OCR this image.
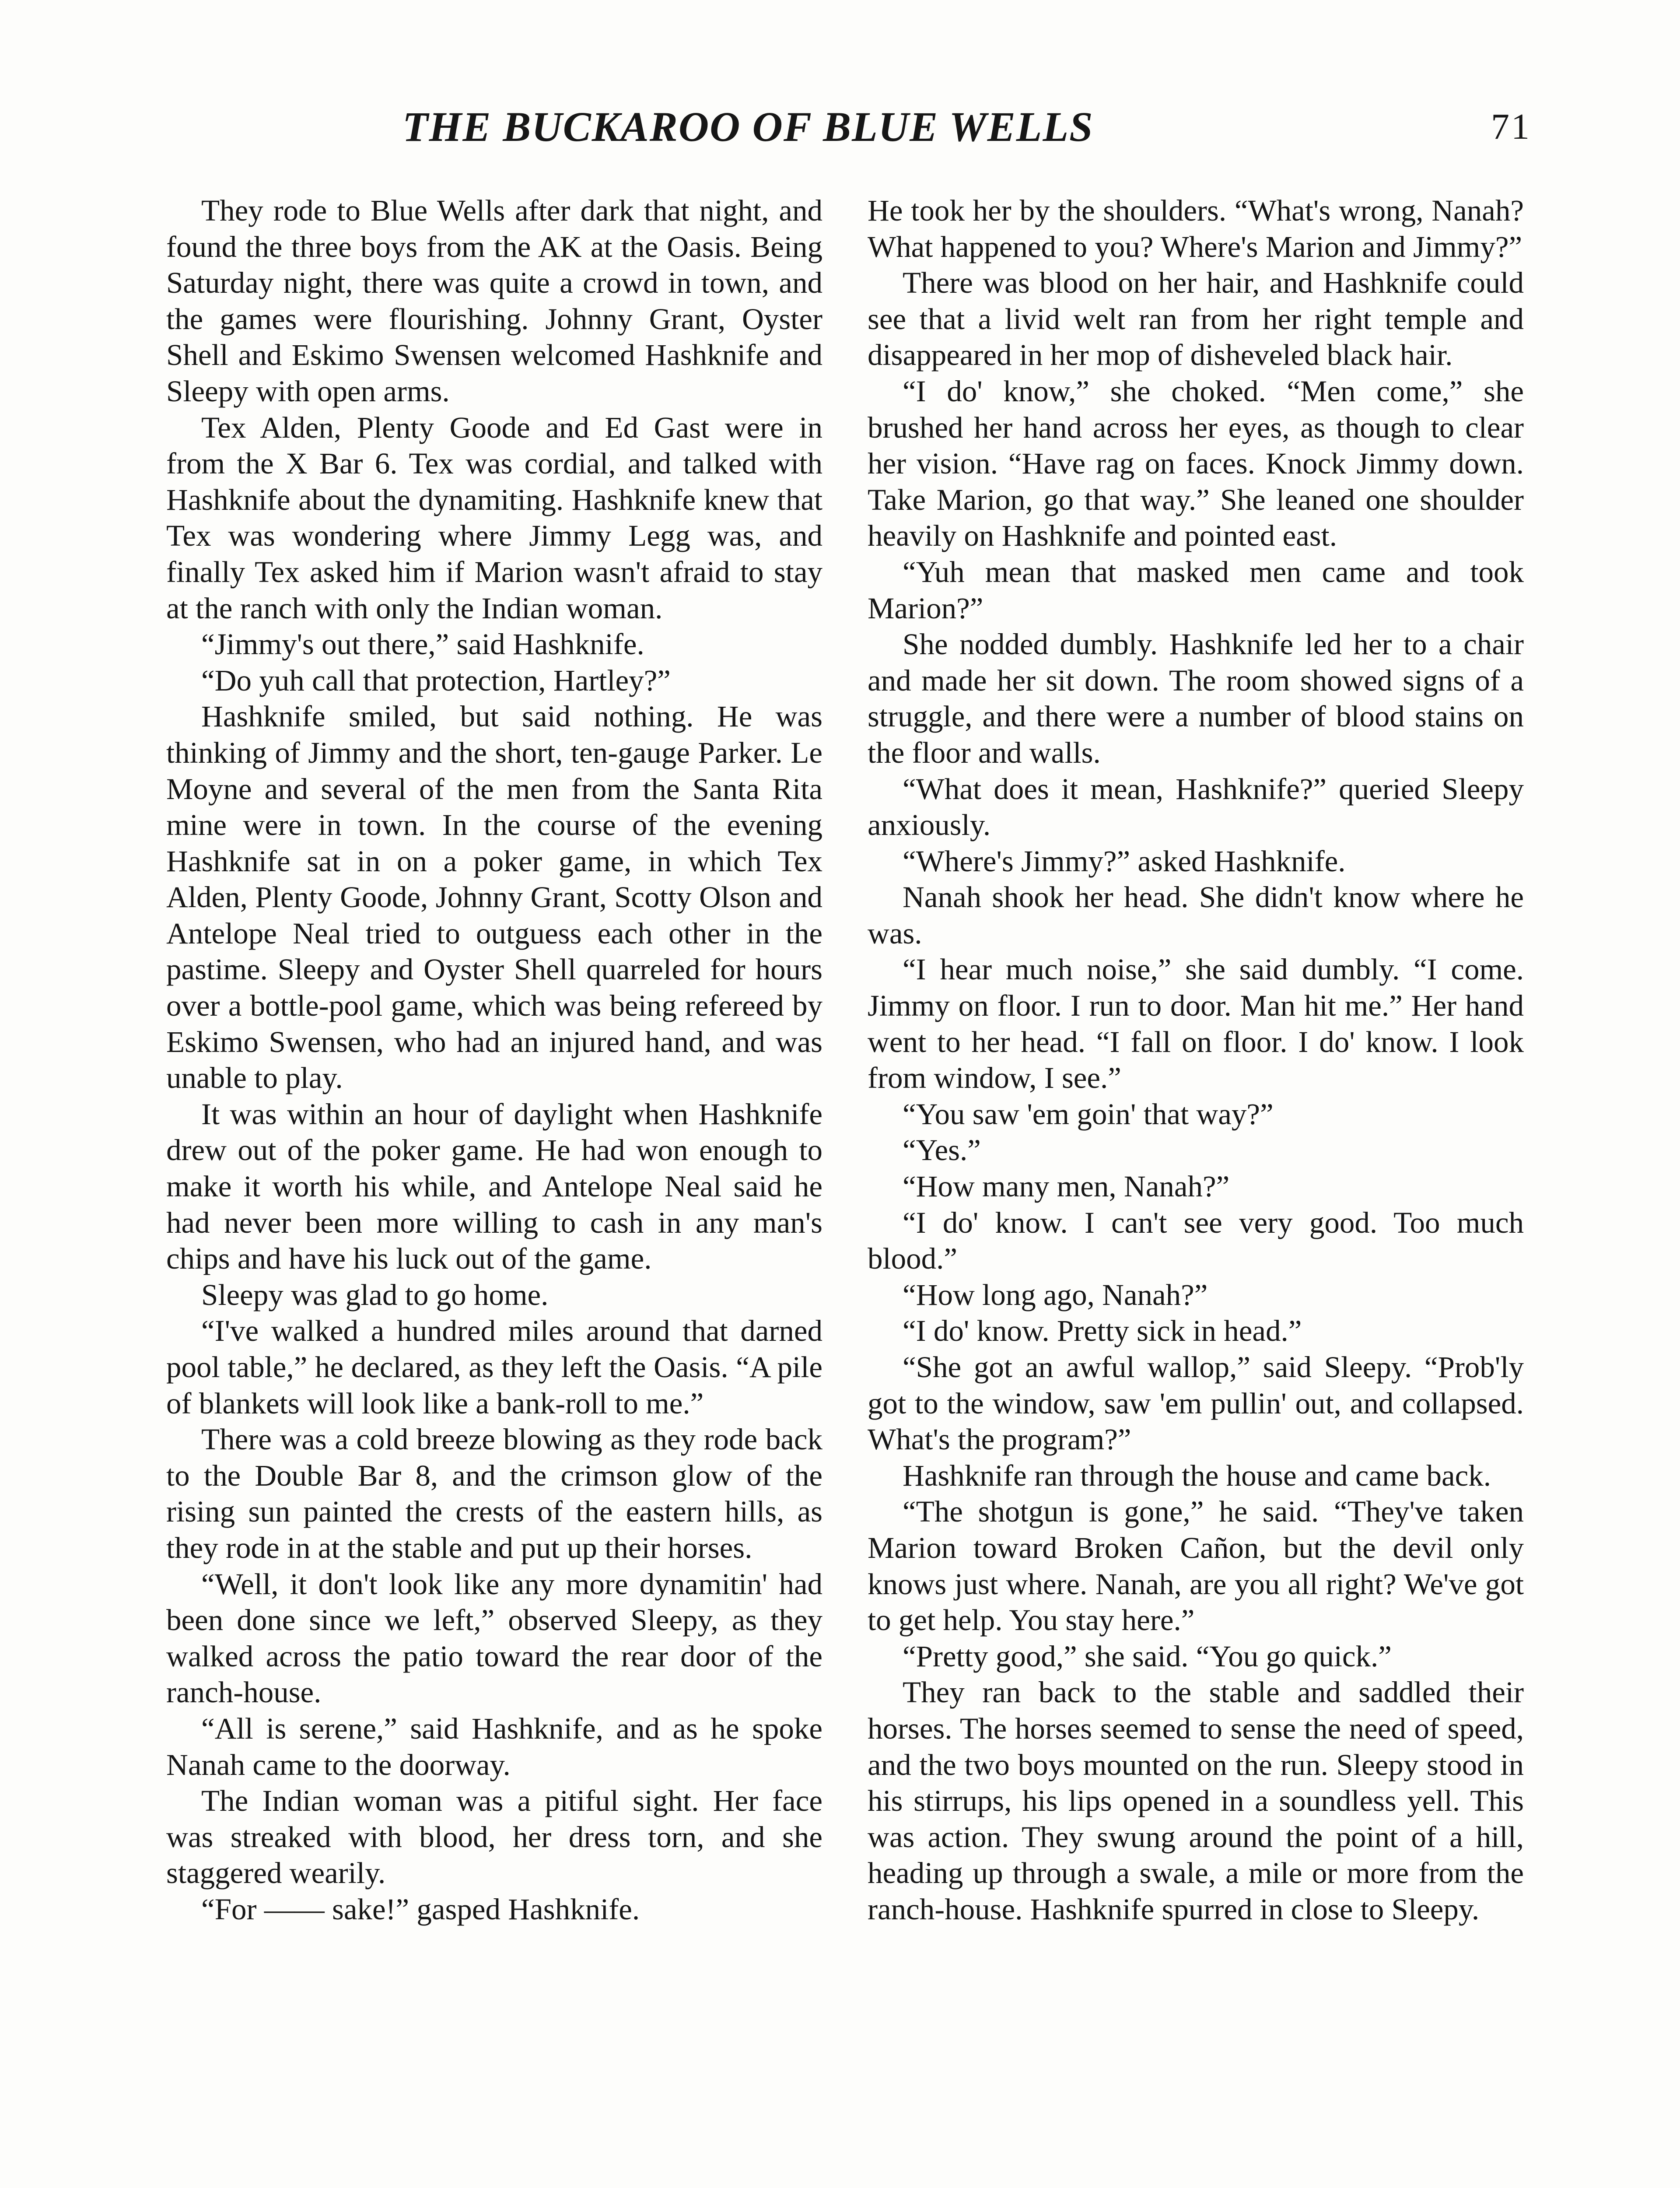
THE BUCKAROO OF BLUE WELLS	71

They rode to Blue Wells after dark that night, and found the three boys from the AK at the Oasis. Being Saturday night, there was quite a crowd in town, and the games were flourishing. Johnny Grant, Oyster Shell and Eskimo Swensen welcomed Hashknife and Sleepy with open arms.

Tex Alden, Plenty Goode and Ed Gast were in from the X Bar 6. Tex was cordial, and talked with Hashknife about the dynamiting. Hashknife knew that Tex was wondering where Jimmy Legg was, and finally Tex asked him if Marion wasn't afraid to stay at the ranch with only the Indian woman.

“Jimmy's out there,” said Hashknife.

“Do yuh call that protection, Hartley?”

Hashknife smiled, but said nothing. He was thinking of Jimmy and the short, ten-gauge Parker. Le Moyne and several of the men from the Santa Rita mine were in town. In the course of the evening Hashknife sat in on a poker game, in which Tex Alden, Plenty Goode, Johnny Grant, Scotty Olson and Antelope Neal tried to outguess each other in the pastime. Sleepy and Oyster Shell quarreled for hours over a bottle-pool game, which was being refereed by Eskimo Swensen, who had an injured hand, and was unable to play.

It was within an hour of daylight when Hashknife drew out of the poker game. He had won enough to make it worth his while, and Antelope Neal said he had never been more willing to cash in any man's chips and have his luck out of the game.

Sleepy was glad to go home.

“I've walked a hundred miles around that darned pool table,” he declared, as they left the Oasis. “A pile of blankets will look like a bank-roll to me.”

There was a cold breeze blowing as they rode back to the Double Bar 8, and the crimson glow of the rising sun painted the crests of the eastern hills, as they rode in at the stable and put up their horses.

“Well, it don't look like any more dynamitin' had been done since we left,” observed Sleepy, as they walked across the patio toward the rear door of the ranch-house.

“All is serene,” said Hashknife, and as he spoke Nanah came to the doorway.

The Indian woman was a pitiful sight. Her face was streaked with blood, her dress torn, and she staggered wearily.

“For —— sake!” gasped Hashknife.

He took her by the shoulders. “What's wrong, Nanah? What happened to you? Where's Marion and Jimmy?”

There was blood on her hair, and Hashknife could see that a livid welt ran from her right temple and disappeared in her mop of disheveled black hair.

“I do' know,” she choked. “Men come,” she brushed her hand across her eyes, as though to clear her vision. “Have rag on faces. Knock Jimmy down. Take Marion, go that way.” She leaned one shoulder heavily on Hashknife and pointed east.

“Yuh mean that masked men came and took Marion?”

She nodded dumbly. Hashknife led her to a chair and made her sit down. The room showed signs of a struggle, and there were a number of blood stains on the floor and walls.

“What does it mean, Hashknife?” queried Sleepy anxiously.

“Where's Jimmy?” asked Hashknife.

Nanah shook her head. She didn't know where he was.

“I hear much noise,” she said dumbly. “I come. Jimmy on floor. I run to door. Man hit me.” Her hand went to her head. “I fall on floor. I do' know. I look from window, I see.”

“You saw 'em goin' that way?”

“Yes.”

“How many men, Nanah?”

“I do' know. I can't see very good. Too much blood.”

“How long ago, Nanah?”

“I do' know. Pretty sick in head.”

“She got an awful wallop,” said Sleepy. “Prob'ly got to the window, saw 'em pullin' out, and collapsed. What's the program?”

Hashknife ran through the house and came back.

“The shotgun is gone,” he said. “They've taken Marion toward Broken Cañon, but the devil only knows just where. Nanah, are you all right? We've got to get help. You stay here.”

“Pretty good,” she said. “You go quick.”

They ran back to the stable and saddled their horses. The horses seemed to sense the need of speed, and the two boys mounted on the run. Sleepy stood in his stirrups, his lips opened in a soundless yell. This was action. They swung around the point of a hill, heading up through a swale, a mile or more from the ranch-house. Hashknife spurred in close to Sleepy.
